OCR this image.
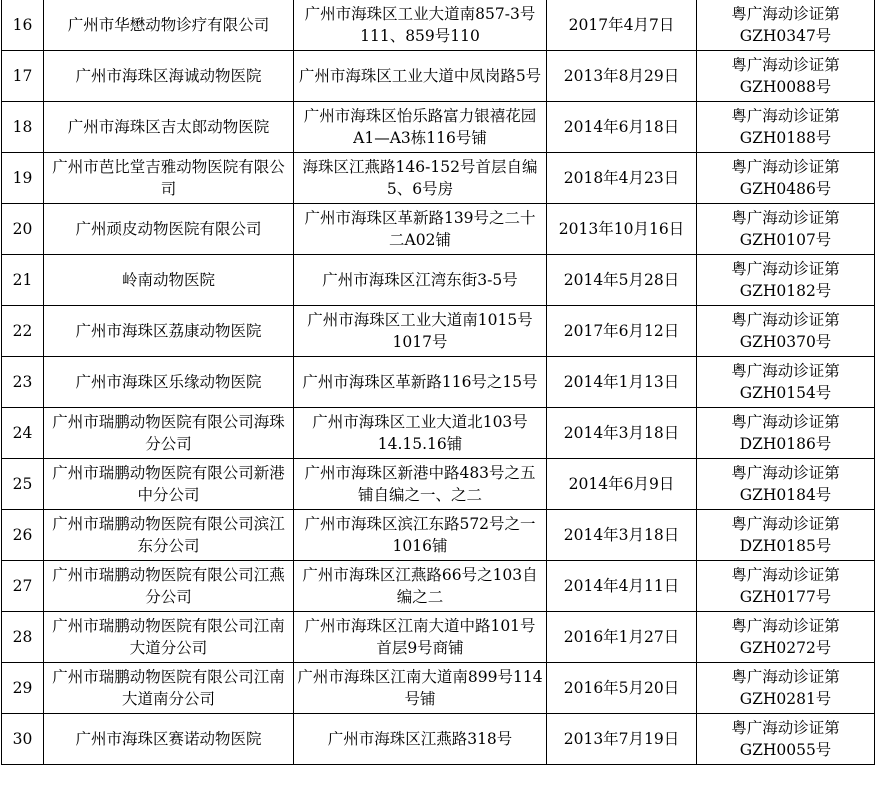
16	广州市华懋动物诊疗有限公司	广州市海珠区工业大道南857-3号111、859号110	2017年4月7日	粤广海动诊证第GZH0347号
17	广州市海珠区海诚动物医院	广州市海珠区工业大道中凤岗路5号	2013年8月29日	粤广海动诊证第GZH0088号
18	广州市海珠区吉太郎动物医院	广州市海珠区怡乐路富力银禧花园A1—A3栋116号铺	2014年6月18日	粤广海动诊证第GZH0188号
19	广州市芭比堂吉雅动物医院有限公司	海珠区江燕路146-152号首层自编5、6号房	2018年4月23日	粤广海动诊证第GZH0486号
20	广州顽皮动物医院有限公司	广州市海珠区革新路139号之二十二A02铺	2013年10月16日	粤广海动诊证第GZH0107号
21	岭南动物医院	广州市海珠区江湾东街3-5号	2014年5月28日	粤广海动诊证第GZH0182号
22	广州市海珠区荔康动物医院	广州市海珠区工业大道南1015号1017号	2017年6月12日	粤广海动诊证第GZH0370号
23	广州市海珠区乐缘动物医院	广州市海珠区革新路116号之15号	2014年1月13日	粤广海动诊证第GZH0154号
24	广州市瑞鹏动物医院有限公司海珠分公司	广州市海珠区工业大道北103号14.15.16铺	2014年3月18日	粤广海动诊证第DZH0186号
25	广州市瑞鹏动物医院有限公司新港中分公司	广州市海珠区新港中路483号之五铺自编之一、之二	2014年6月9日	粤广海动诊证第GZH0184号
26	广州市瑞鹏动物医院有限公司滨江东分公司	广州市海珠区滨江东路572号之一1016铺	2014年3月18日	粤广海动诊证第DZH0185号
27	广州市瑞鹏动物医院有限公司江燕分公司	广州市海珠区江燕路66号之103自编之二	2014年4月11日	粤广海动诊证第GZH0177号
28	广州市瑞鹏动物医院有限公司江南大道分公司	广州市海珠区江南大道中路101号首层9号商铺	2016年1月27日	粤广海动诊证第GZH0272号
29	广州市瑞鹏动物医院有限公司江南大道南分公司	广州市海珠区江南大道南899号114号铺	2016年5月20日	粤广海动诊证第GZH0281号
30	广州市海珠区赛诺动物医院	广州市海珠区江燕路318号	2013年7月19日	粤广海动诊证第GZH0055号
